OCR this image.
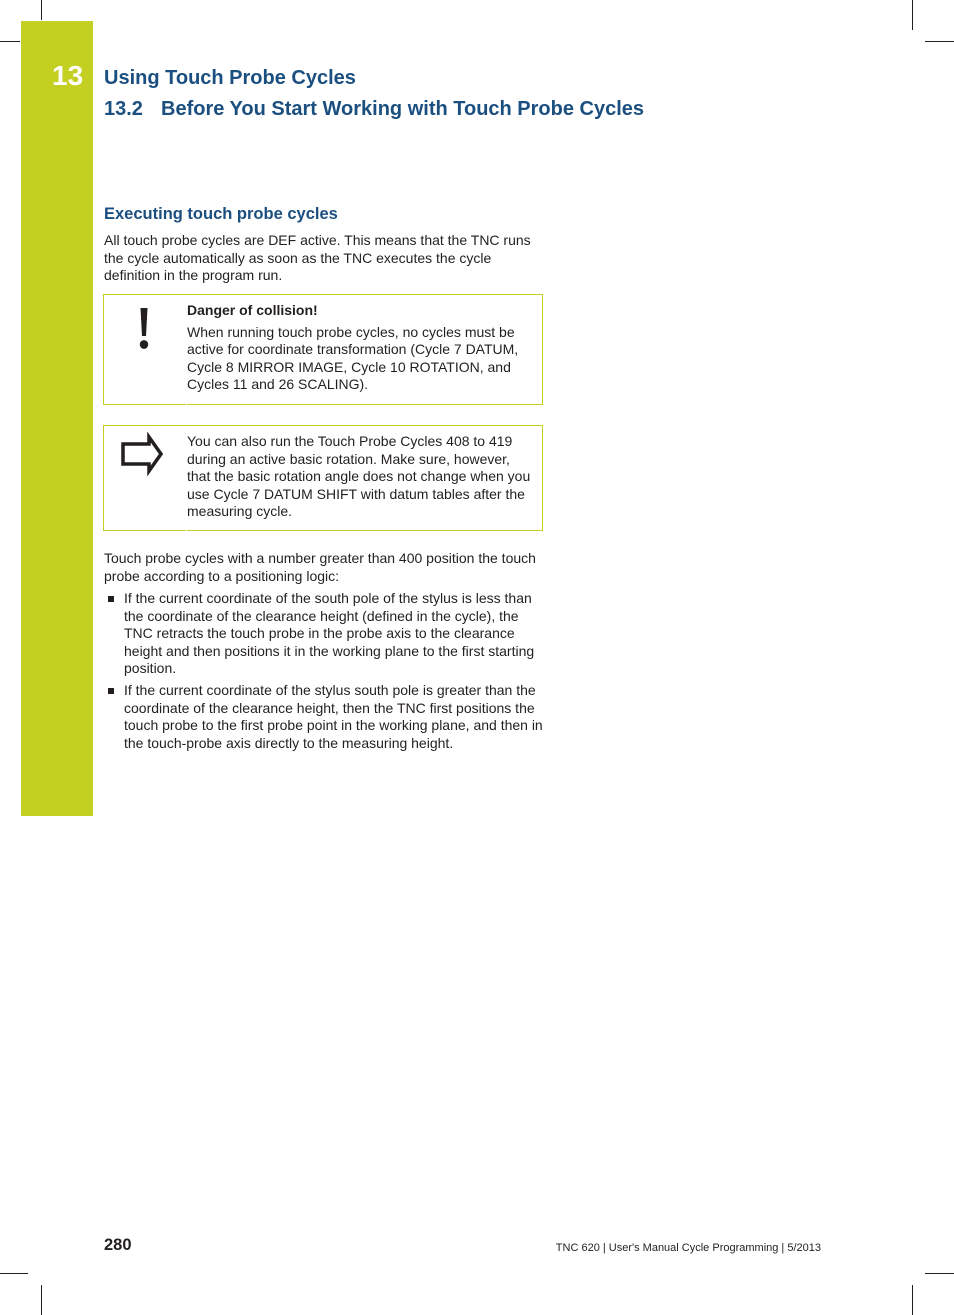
13 Using Touch Probe Cycles
13.2 Before You Start Working with Touch Probe Cycles
Executing touch probe cycles
All touch probe cycles are DEF active. This means that the TNC runs the cycle automatically as soon as the TNC executes the cycle definition in the program run.
Danger of collision!
When running touch probe cycles, no cycles must be active for coordinate transformation (Cycle 7 DATUM, Cycle 8 MIRROR IMAGE, Cycle 10 ROTATION, and Cycles 11 and 26 SCALING).
You can also run the Touch Probe Cycles 408 to 419 during an active basic rotation. Make sure, however, that the basic rotation angle does not change when you use Cycle 7 DATUM SHIFT with datum tables after the measuring cycle.
Touch probe cycles with a number greater than 400 position the touch probe according to a positioning logic:
If the current coordinate of the south pole of the stylus is less than the coordinate of the clearance height (defined in the cycle), the TNC retracts the touch probe in the probe axis to the clearance height and then positions it in the working plane to the first starting position.
If the current coordinate of the stylus south pole is greater than the coordinate of the clearance height, then the TNC first positions the touch probe to the first probe point in the working plane, and then in the touch-probe axis directly to the measuring height.
280	TNC 620 | User's Manual Cycle Programming | 5/2013
